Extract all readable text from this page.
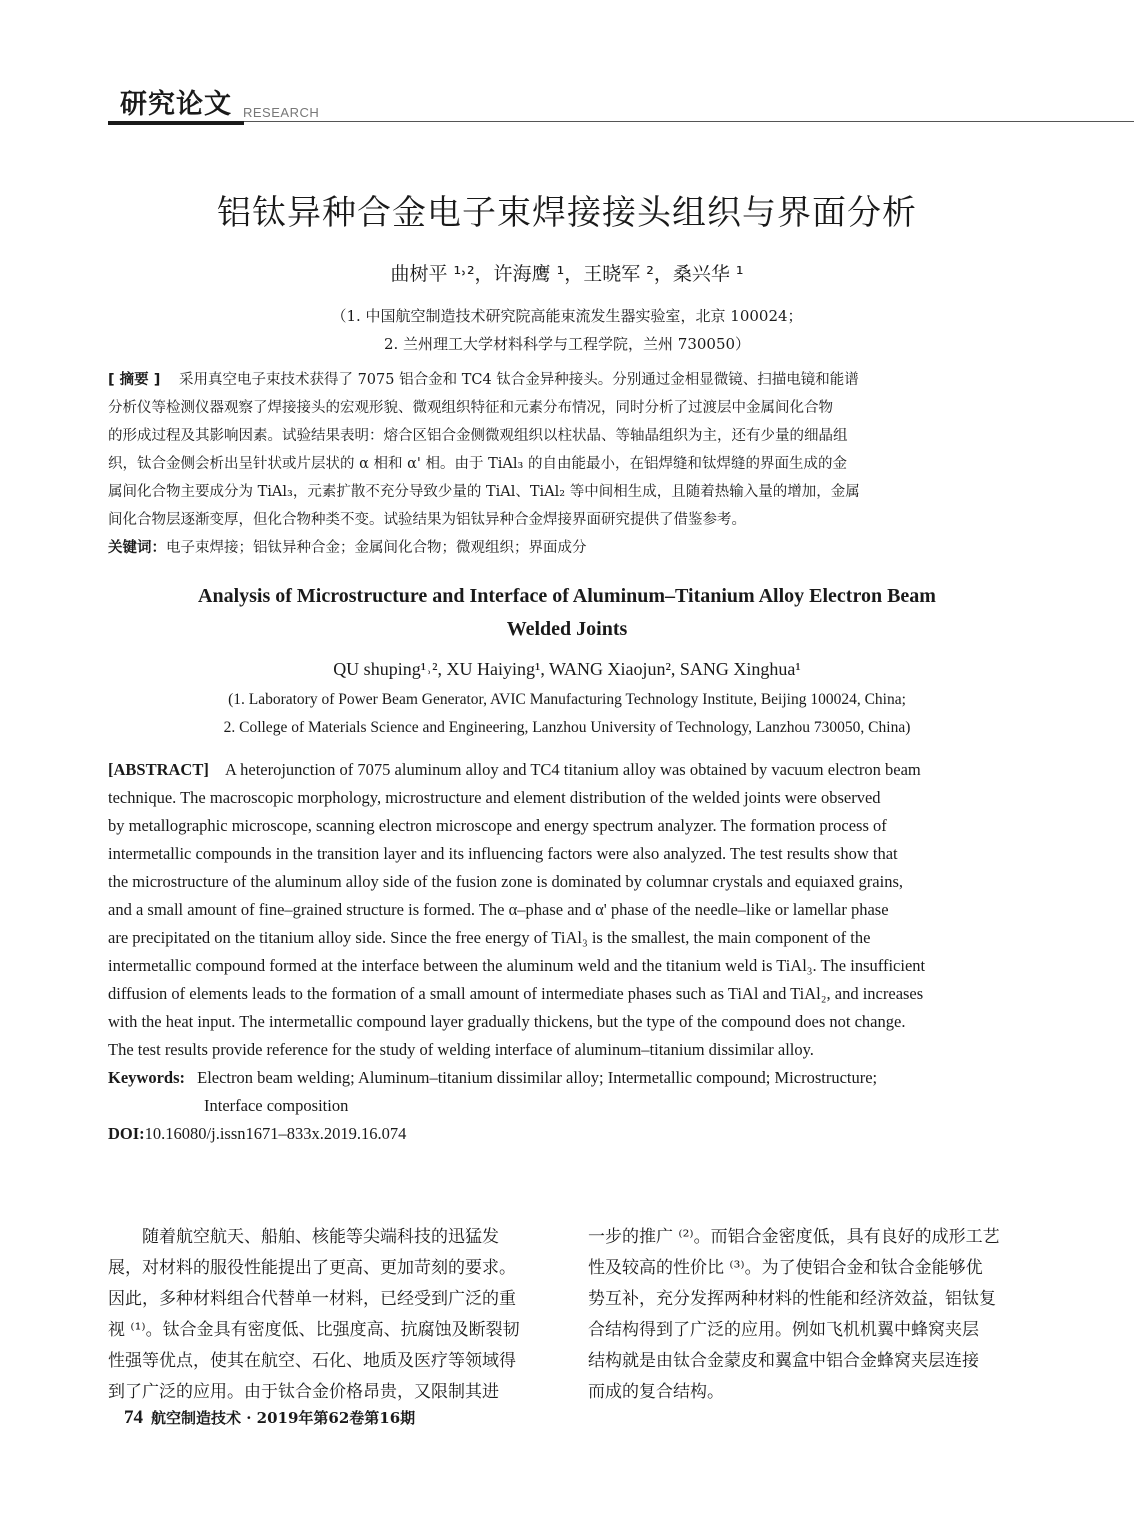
研究论文 RESEARCH
铝钛异种合金电子束焊接接头组织与界面分析
曲树平 ¹˒²，许海鹰 ¹，王晓军 ²，桑兴华 ¹
（1. 中国航空制造技术研究院高能束流发生器实验室，北京 100024；
2. 兰州理工大学材料科学与工程学院，兰州 730050）
[ 摘要 ] 采用真空电子束技术获得了 7075 铝合金和 TC4 钛合金异种接头。分别通过金相显微镜、扫描电镜和能谱
分析仪等检测仪器观察了焊接接头的宏观形貌、微观组织特征和元素分布情况，同时分析了过渡层中金属间化合物
的形成过程及其影响因素。试验结果表明：熔合区铝合金侧微观组织以柱状晶、等轴晶组织为主，还有少量的细晶组
织，钛合金侧会析出呈针状或片层状的 α 相和 α' 相。由于 TiAl₃ 的自由能最小，在铝焊缝和钛焊缝的界面生成的金
属间化合物主要成分为 TiAl₃，元素扩散不充分导致少量的 TiAl、TiAl₂ 等中间相生成，且随着热输入量的增加，金属
间化合物层逐渐变厚，但化合物种类不变。试验结果为铝钛异种合金焊接界面研究提供了借鉴参考。
关键词：电子束焊接；铝钛异种合金；金属间化合物；微观组织；界面成分
Analysis of Microstructure and Interface of Aluminum–Titanium Alloy Electron Beam
Welded Joints
QU shuping¹˒², XU Haiying¹, WANG Xiaojun², SANG Xinghua¹
(1. Laboratory of Power Beam Generator, AVIC Manufacturing Technology Institute, Beijing 100024, China;
2. College of Materials Science and Engineering, Lanzhou University of Technology, Lanzhou 730050, China)
[ABSTRACT] A heterojunction of 7075 aluminum alloy and TC4 titanium alloy was obtained by vacuum electron beam
technique. The macroscopic morphology, microstructure and element distribution of the welded joints were observed
by metallographic microscope, scanning electron microscope and energy spectrum analyzer. The formation process of
intermetallic compounds in the transition layer and its influencing factors were also analyzed. The test results show that
the microstructure of the aluminum alloy side of the fusion zone is dominated by columnar crystals and equiaxed grains,
and a small amount of fine–grained structure is formed. The α–phase and α' phase of the needle–like or lamellar phase
are precipitated on the titanium alloy side. Since the free energy of TiAl₃ is the smallest, the main component of the
intermetallic compound formed at the interface between the aluminum weld and the titanium weld is TiAl₃. The insufficient
diffusion of elements leads to the formation of a small amount of intermediate phases such as TiAl and TiAl₂, and increases
with the heat input. The intermetallic compound layer gradually thickens, but the type of the compound does not change.
The test results provide reference for the study of welding interface of aluminum–titanium dissimilar alloy.
Keywords: Electron beam welding; Aluminum–titanium dissimilar alloy; Intermetallic compound; Microstructure;
Interface composition
DOI:10.16080/j.issn1671–833x.2019.16.074
　　随着航空航天、船舶、核能等尖端科技的迅猛发
展，对材料的服役性能提出了更高、更加苛刻的要求。
因此，多种材料组合代替单一材料，已经受到广泛的重
视 ⁽¹⁾。钛合金具有密度低、比强度高、抗腐蚀及断裂韧
性强等优点，使其在航空、石化、地质及医疗等领域得
到了广泛的应用。由于钛合金价格昂贵，又限制其进
一步的推广 ⁽²⁾。而铝合金密度低，具有良好的成形工艺
性及较高的性价比 ⁽³⁾。为了使铝合金和钛合金能够优
势互补，充分发挥两种材料的性能和经济效益，铝钛复
合结构得到了广泛的应用。例如飞机机翼中蜂窝夹层
结构就是由钛合金蒙皮和翼盒中铝合金蜂窝夹层连接
而成的复合结构。
74 航空制造技术 · 2019年第62卷第16期
